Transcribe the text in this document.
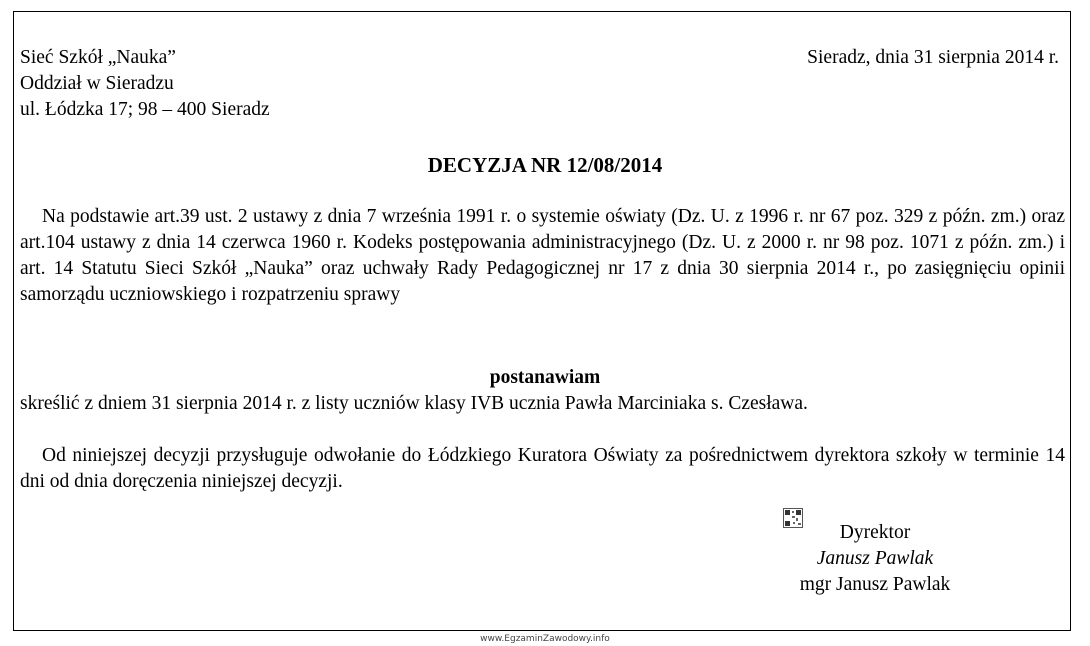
Sieć Szkół „Nauka”
Oddział w Sieradzu
ul. Łódzka 17; 98 – 400 Sieradz
Sieradz, dnia 31 sierpnia 2014 r.
DECYZJA NR 12/08/2014
Na podstawie art.39 ust. 2 ustawy z dnia 7 września 1991 r. o systemie oświaty (Dz. U. z 1996 r. nr 67 poz. 329 z późn. zm.) oraz art.104 ustawy z dnia 14 czerwca 1960 r. Kodeks postępowania administracyjnego (Dz. U. z 2000 r. nr 98 poz. 1071 z późn. zm.) i art. 14 Statutu Sieci Szkół „Nauka” oraz uchwały Rady Pedagogicznej nr 17 z dnia 30 sierpnia 2014 r., po zasięgnięciu opinii samorządu uczniowskiego i rozpatrzeniu sprawy
postanawiam
skreślić z dniem 31 sierpnia 2014 r. z listy uczniów klasy IVB ucznia Pawła Marciniaka s. Czesława.
Od niniejszej decyzji przysługuje odwołanie do Łódzkiego Kuratora Oświaty za pośrednictwem dyrektora szkoły w terminie 14 dni od dnia doręczenia niniejszej decyzji.
Dyrektor
Janusz Pawlak
mgr Janusz Pawlak
www.EgzaminZawodowy.info
